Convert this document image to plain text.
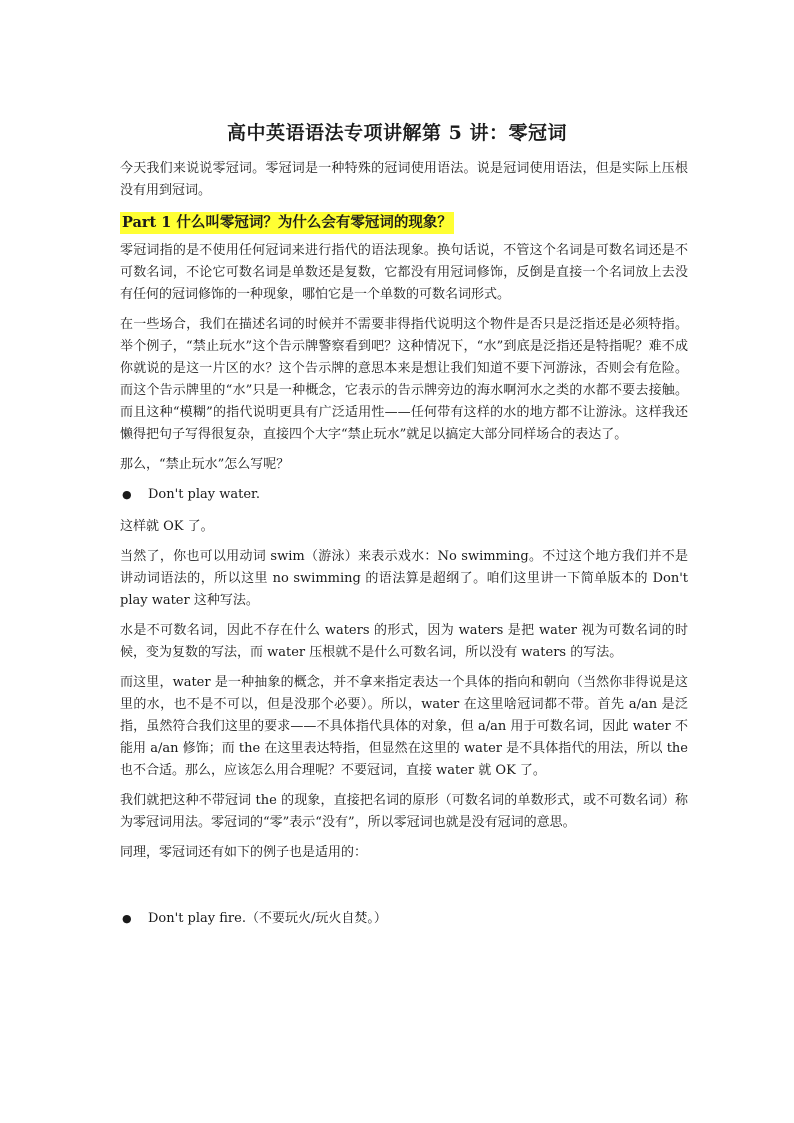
高中英语语法专项讲解第 5 讲：零冠词

今天我们来说说零冠词。零冠词是一种特殊的冠词使用语法。说是冠词使用语法，但是实际上压根没有用到冠词。

Part 1 什么叫零冠词？为什么会有零冠词的现象？

零冠词指的是不使用任何冠词来进行指代的语法现象。换句话说，不管这个名词是可数名词还是不可数名词，不论它可数名词是单数还是复数，它都没有用冠词修饰，反倒是直接一个名词放上去没有任何的冠词修饰的一种现象，哪怕它是一个单数的可数名词形式。

在一些场合，我们在描述名词的时候并不需要非得指代说明这个物件是否只是泛指还是必须特指。举个例子，“禁止玩水”这个告示牌警察看到吧？这种情况下，“水”到底是泛指还是特指呢？难不成你就说的是这一片区的水？这个告示牌的意思本来是想让我们知道不要下河游泳，否则会有危险。而这个告示牌里的“水”只是一种概念，它表示的告示牌旁边的海水啊河水之类的水都不要去接触。而且这种“模糊”的指代说明更具有广泛适用性——任何带有这样的水的地方都不让游泳。这样我还懒得把句子写得很复杂，直接四个大字“禁止玩水”就足以搞定大部分同样场合的表达了。

那么，“禁止玩水”怎么写呢？

● Don't play water.

这样就 OK 了。

当然了，你也可以用动词 swim（游泳）来表示戏水：No swimming。不过这个地方我们并不是讲动词语法的，所以这里 no swimming 的语法算是超纲了。咱们这里讲一下简单版本的 Don't play water 这种写法。

水是不可数名词，因此不存在什么 waters 的形式，因为 waters 是把 water 视为可数名词的时候，变为复数的写法，而 water 压根就不是什么可数名词，所以没有 waters 的写法。

而这里，water 是一种抽象的概念，并不拿来指定表达一个具体的指向和朝向（当然你非得说是这里的水，也不是不可以，但是没那个必要）。所以，water 在这里啥冠词都不带。首先 a/an 是泛指，虽然符合我们这里的要求——不具体指代具体的对象，但 a/an 用于可数名词，因此 water 不能用 a/an 修饰；而 the 在这里表达特指，但显然在这里的 water 是不具体指代的用法，所以 the 也不合适。那么，应该怎么用合理呢？不要冠词，直接 water 就 OK 了。

我们就把这种不带冠词 the 的现象，直接把名词的原形（可数名词的单数形式，或不可数名词）称为零冠词用法。零冠词的“零”表示“没有”，所以零冠词也就是没有冠词的意思。

同理，零冠词还有如下的例子也是适用的：

● Don't play fire.（不要玩火/玩火自焚。）
